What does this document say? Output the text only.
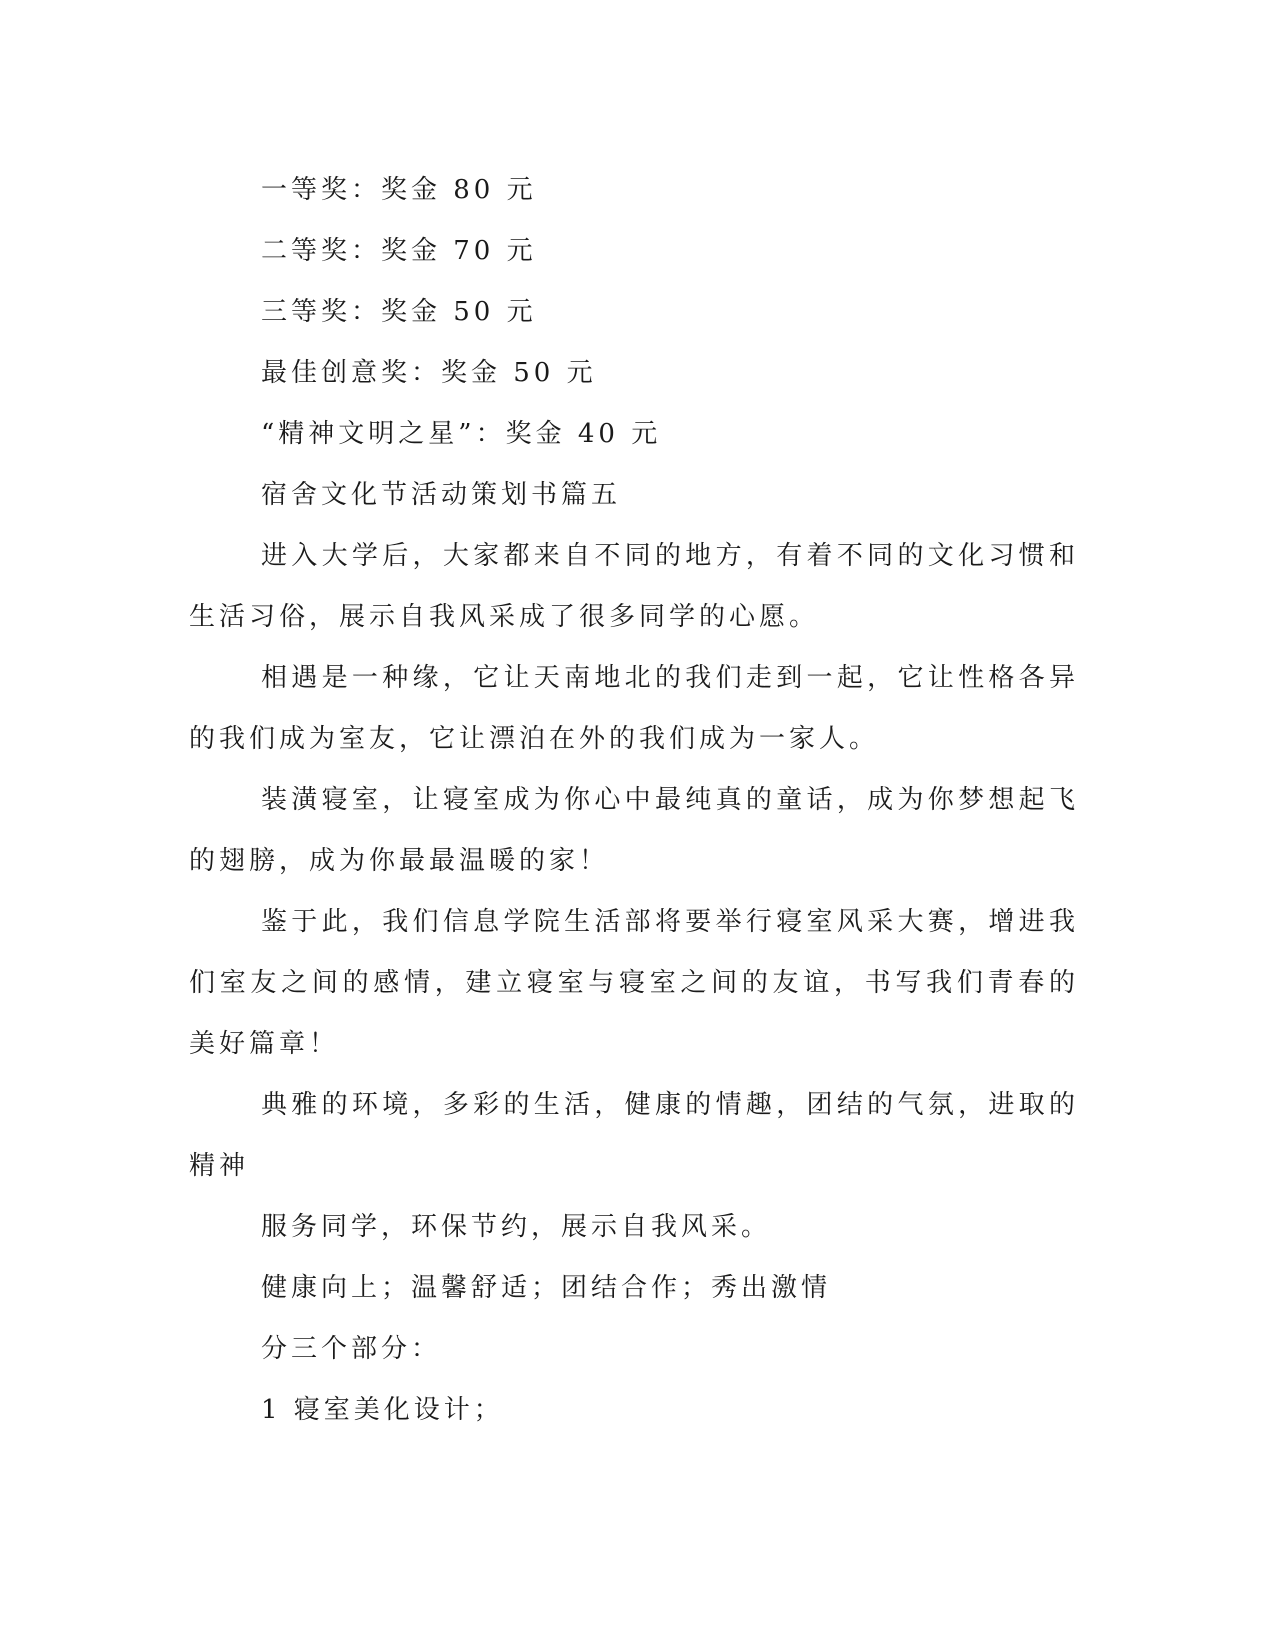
一等奖：奖金 80 元
二等奖：奖金 70 元
三等奖：奖金 50 元
最佳创意奖：奖金 50 元
“精神文明之星”：奖金 40 元
宿舍文化节活动策划书篇五
进入大学后，大家都来自不同的地方，有着不同的文化习惯和生活习俗，展示自我风采成了很多同学的心愿。
相遇是一种缘，它让天南地北的我们走到一起，它让性格各异的我们成为室友，它让漂泊在外的我们成为一家人。
装潢寝室，让寝室成为你心中最纯真的童话，成为你梦想起飞的翅膀，成为你最最温暖的家！
鉴于此，我们信息学院生活部将要举行寝室风采大赛，增进我们室友之间的感情，建立寝室与寝室之间的友谊，书写我们青春的美好篇章！
典雅的环境，多彩的生活，健康的情趣，团结的气氛，进取的精神
服务同学，环保节约，展示自我风采。
健康向上；温馨舒适；团结合作；秀出激情
分三个部分：
1 寝室美化设计；
